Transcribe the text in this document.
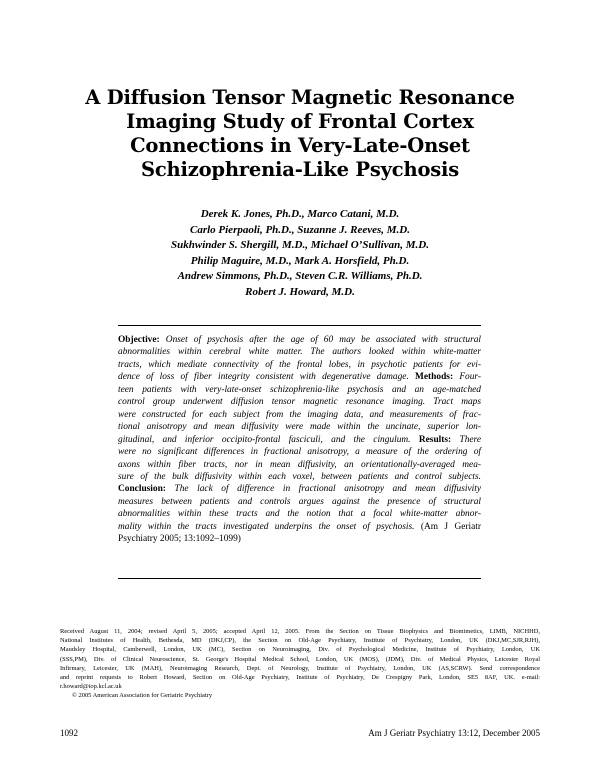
A Diffusion Tensor Magnetic Resonance
Imaging Study of Frontal Cortex
Connections in Very-Late-Onset
Schizophrenia-Like Psychosis
Derek K. Jones, Ph.D., Marco Catani, M.D.
Carlo Pierpaoli, Ph.D., Suzanne J. Reeves, M.D.
Sukhwinder S. Shergill, M.D., Michael O’Sullivan, M.D.
Philip Maguire, M.D., Mark A. Horsfield, Ph.D.
Andrew Simmons, Ph.D., Steven C.R. Williams, Ph.D.
Robert J. Howard, M.D.
Objective: Onset of psychosis after the age of 60 may be associated with structural
abnormalities within cerebral white matter. The authors looked within white-matter
tracts, which mediate connectivity of the frontal lobes, in psychotic patients for evi-
dence of loss of fiber integrity consistent with degenerative damage. Methods: Four-
teen patients with very-late-onset schizophrenia-like psychosis and an age-matched
control group underwent diffusion tensor magnetic resonance imaging. Tract maps
were constructed for each subject from the imaging data, and measurements of frac-
tional anisotropy and mean diffusivity were made within the uncinate, superior lon-
gitudinal, and inferior occipito-frontal fasciculi, and the cingulum. Results: There
were no significant differences in fractional anisotropy, a measure of the ordering of
axons within fiber tracts, nor in mean diffusivity, an orientationally-averaged mea-
sure of the bulk diffusivity within each voxel, between patients and control subjects.
Conclusion: The lack of difference in fractional anisotropy and mean diffusivity
measures between patients and controls argues against the presence of structural
abnormalities within these tracts and the notion that a focal white-matter abnor-
mality within the tracts investigated underpins the onset of psychosis. (Am J Geriatr
Psychiatry 2005; 13:1092–1099)
Received August 11, 2004; revised April 5, 2005; accepted April 12, 2005. From the Section on Tissue Biophysics and Biomimetics, LIMB, NICHHD,
National Institutes of Health, Bethesda, MD (DKJ,CP), the Section on Old-Age Psychiatry, Institute of Psychiatry, London, UK (DKJ,MC,SJR,RJH),
Maudsley Hospital, Camberwell, London, UK (MC), Section on Neuroimaging, Div. of Psychological Medicine, Institute of Psychiatry, London, UK
(SSS,PM), Div. of Clinical Neuroscience, St. George's Hospital Medical School, London, UK (MOS), (JDM), Div. of Medical Physics, Leicester Royal
Infirmary, Leicester, UK (MAH), Neuroimaging Research, Dept. of Neurology, Institute of Psychiatry, London, UK (AS,SCRW). Send correspondence
and reprint requests to Robert Howard, Section on Old-Age Psychiatry, Institute of Psychiatry, De Crespigny Park, London, SE5 8AF, UK. e-mail:
r.howard@iop.kcl.ac.uk
© 2005 American Association for Geriatric Psychiatry
1092	Am J Geriatr Psychiatry 13:12, December 2005
